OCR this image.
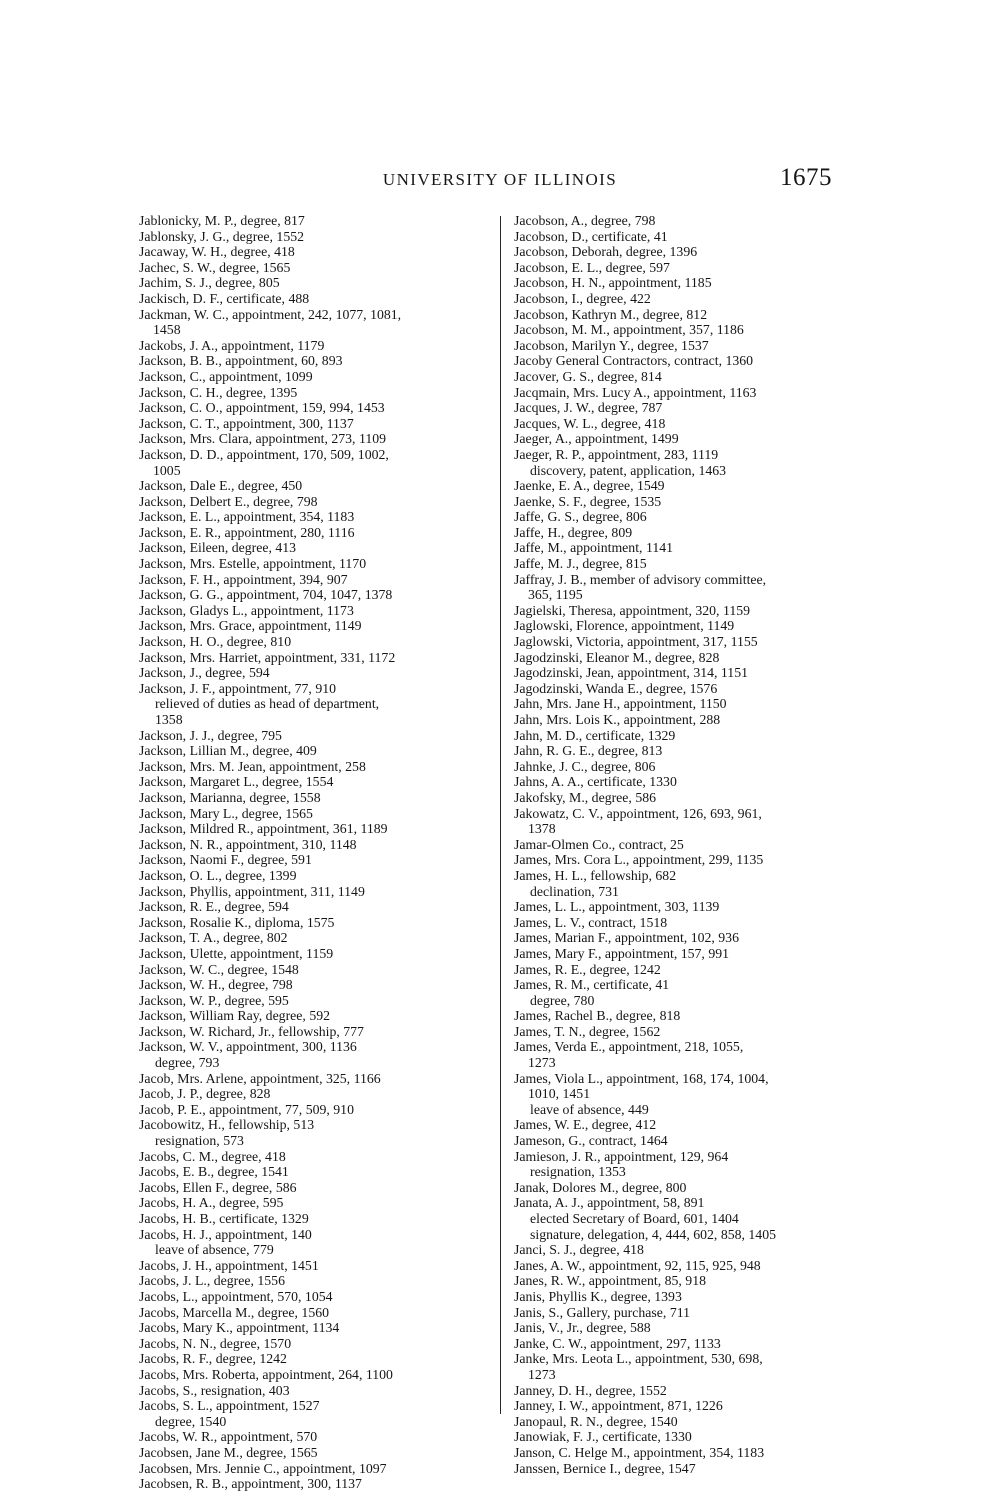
UNIVERSITY OF ILLINOIS	1675
Jablonicky, M. P., degree, 817
Jablonsky, J. G., degree, 1552
Jacaway, W. H., degree, 418
Jachec, S. W., degree, 1565
Jachim, S. J., degree, 805
Jackisch, D. F., certificate, 488
Jackman, W. C., appointment, 242, 1077, 1081,
1458
Jackobs, J. A., appointment, 1179
Jackson, B. B., appointment, 60, 893
Jackson, C., appointment, 1099
Jackson, C. H., degree, 1395
Jackson, C. O., appointment, 159, 994, 1453
Jackson, C. T., appointment, 300, 1137
Jackson, Mrs. Clara, appointment, 273, 1109
Jackson, D. D., appointment, 170, 509, 1002,
1005
Jackson, Dale E., degree, 450
Jackson, Delbert E., degree, 798
Jackson, E. L., appointment, 354, 1183
Jackson, E. R., appointment, 280, 1116
Jackson, Eileen, degree, 413
Jackson, Mrs. Estelle, appointment, 1170
Jackson, F. H., appointment, 394, 907
Jackson, G. G., appointment, 704, 1047, 1378
Jackson, Gladys L., appointment, 1173
Jackson, Mrs. Grace, appointment, 1149
Jackson, H. O., degree, 810
Jackson, Mrs. Harriet, appointment, 331, 1172
Jackson, J., degree, 594
Jackson, J. F., appointment, 77, 910
relieved of duties as head of department,
1358
Jackson, J. J., degree, 795
Jackson, Lillian M., degree, 409
Jackson, Mrs. M. Jean, appointment, 258
Jackson, Margaret L., degree, 1554
Jackson, Marianna, degree, 1558
Jackson, Mary L., degree, 1565
Jackson, Mildred R., appointment, 361, 1189
Jackson, N. R., appointment, 310, 1148
Jackson, Naomi F., degree, 591
Jackson, O. L., degree, 1399
Jackson, Phyllis, appointment, 311, 1149
Jackson, R. E., degree, 594
Jackson, Rosalie K., diploma, 1575
Jackson, T. A., degree, 802
Jackson, Ulette, appointment, 1159
Jackson, W. C., degree, 1548
Jackson, W. H., degree, 798
Jackson, W. P., degree, 595
Jackson, William Ray, degree, 592
Jackson, W. Richard, Jr., fellowship, 777
Jackson, W. V., appointment, 300, 1136
degree, 793
Jacob, Mrs. Arlene, appointment, 325, 1166
Jacob, J. P., degree, 828
Jacob, P. E., appointment, 77, 509, 910
Jacobowitz, H., fellowship, 513
resignation, 573
Jacobs, C. M., degree, 418
Jacobs, E. B., degree, 1541
Jacobs, Ellen F., degree, 586
Jacobs, H. A., degree, 595
Jacobs, H. B., certificate, 1329
Jacobs, H. J., appointment, 140
leave of absence, 779
Jacobs, J. H., appointment, 1451
Jacobs, J. L., degree, 1556
Jacobs, L., appointment, 570, 1054
Jacobs, Marcella M., degree, 1560
Jacobs, Mary K., appointment, 1134
Jacobs, N. N., degree, 1570
Jacobs, R. F., degree, 1242
Jacobs, Mrs. Roberta, appointment, 264, 1100
Jacobs, S., resignation, 403
Jacobs, S. L., appointment, 1527
degree, 1540
Jacobs, W. R., appointment, 570
Jacobsen, Jane M., degree, 1565
Jacobsen, Mrs. Jennie C., appointment, 1097
Jacobsen, R. B., appointment, 300, 1137
Jacobson, A., degree, 798
Jacobson, D., certificate, 41
Jacobson, Deborah, degree, 1396
Jacobson, E. L., degree, 597
Jacobson, H. N., appointment, 1185
Jacobson, I., degree, 422
Jacobson, Kathryn M., degree, 812
Jacobson, M. M., appointment, 357, 1186
Jacobson, Marilyn Y., degree, 1537
Jacoby General Contractors, contract, 1360
Jacover, G. S., degree, 814
Jacqmain, Mrs. Lucy A., appointment, 1163
Jacques, J. W., degree, 787
Jacques, W. L., degree, 418
Jaeger, A., appointment, 1499
Jaeger, R. P., appointment, 283, 1119
discovery, patent, application, 1463
Jaenke, E. A., degree, 1549
Jaenke, S. F., degree, 1535
Jaffe, G. S., degree, 806
Jaffe, H., degree, 809
Jaffe, M., appointment, 1141
Jaffe, M. J., degree, 815
Jaffray, J. B., member of advisory committee,
365, 1195
Jagielski, Theresa, appointment, 320, 1159
Jaglowski, Florence, appointment, 1149
Jaglowski, Victoria, appointment, 317, 1155
Jagodzinski, Eleanor M., degree, 828
Jagodzinski, Jean, appointment, 314, 1151
Jagodzinski, Wanda E., degree, 1576
Jahn, Mrs. Jane H., appointment, 1150
Jahn, Mrs. Lois K., appointment, 288
Jahn, M. D., certificate, 1329
Jahn, R. G. E., degree, 813
Jahnke, J. C., degree, 806
Jahns, A. A., certificate, 1330
Jakofsky, M., degree, 586
Jakowatz, C. V., appointment, 126, 693, 961,
1378
Jamar-Olmen Co., contract, 25
James, Mrs. Cora L., appointment, 299, 1135
James, H. L., fellowship, 682
declination, 731
James, L. L., appointment, 303, 1139
James, L. V., contract, 1518
James, Marian F., appointment, 102, 936
James, Mary F., appointment, 157, 991
James, R. E., degree, 1242
James, R. M., certificate, 41
degree, 780
James, Rachel B., degree, 818
James, T. N., degree, 1562
James, Verda E., appointment, 218, 1055,
1273
James, Viola L., appointment, 168, 174, 1004,
1010, 1451
leave of absence, 449
James, W. E., degree, 412
Jameson, G., contract, 1464
Jamieson, J. R., appointment, 129, 964
resignation, 1353
Janak, Dolores M., degree, 800
Janata, A. J., appointment, 58, 891
elected Secretary of Board, 601, 1404
signature, delegation, 4, 444, 602, 858, 1405
Janci, S. J., degree, 418
Janes, A. W., appointment, 92, 115, 925, 948
Janes, R. W., appointment, 85, 918
Janis, Phyllis K., degree, 1393
Janis, S., Gallery, purchase, 711
Janis, V., Jr., degree, 588
Janke, C. W., appointment, 297, 1133
Janke, Mrs. Leota L., appointment, 530, 698,
1273
Janney, D. H., degree, 1552
Janney, I. W., appointment, 871, 1226
Janopaul, R. N., degree, 1540
Janowiak, F. J., certificate, 1330
Janson, C. Helge M., appointment, 354, 1183
Janssen, Bernice I., degree, 1547
